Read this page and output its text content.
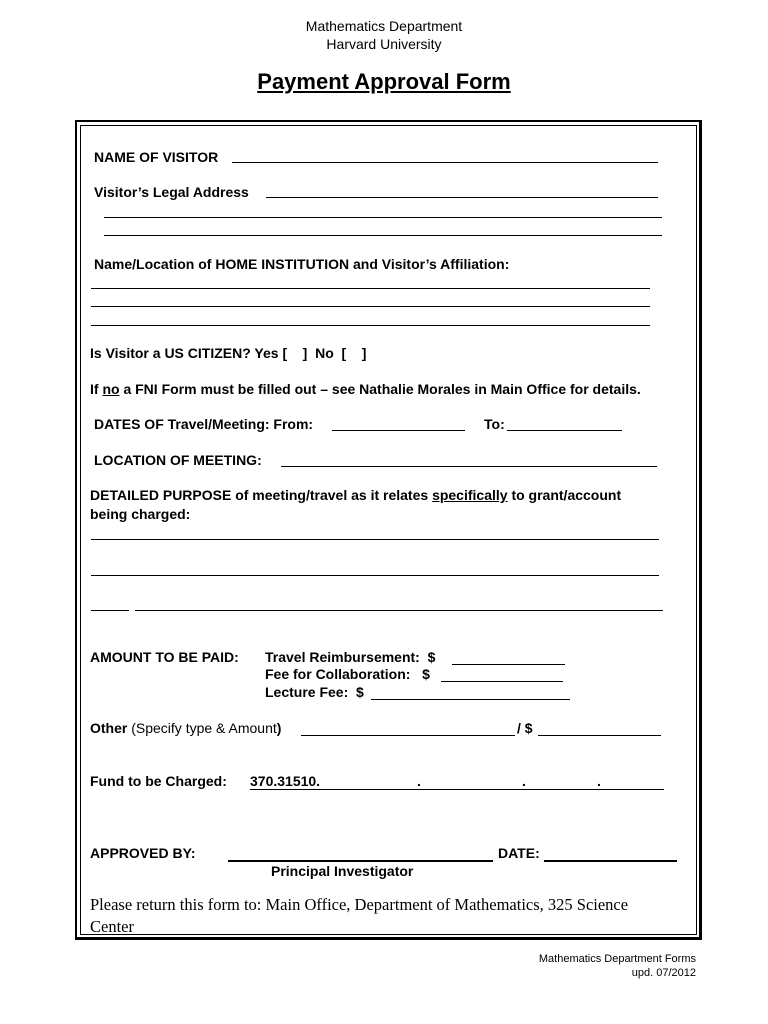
Mathematics Department
Harvard University
Payment Approval Form
NAME OF VISITOR
Visitor’s Legal Address
Name/Location of HOME INSTITUTION and Visitor’s Affiliation:
Is Visitor a US CITIZEN? Yes [    ]  No  [    ]
If no a FNI Form must be filled out – see Nathalie Morales in Main Office for details.
DATES OF Travel/Meeting: From:	To:
LOCATION OF MEETING:
DETAILED PURPOSE of meeting/travel as it relates specifically to grant/account
being charged:
AMOUNT TO BE PAID: Travel Reimbursement:  $
Fee for Collaboration:   $
Lecture Fee:  $
Other (Specify type & Amount)	/ $
Fund to be Charged: 370.31510.	.	.	.
APPROVED BY:	DATE:
Principal Investigator
Please return this form to: Main Office, Department of Mathematics, 325 Science Center
Mathematics Department Forms
upd. 07/2012
